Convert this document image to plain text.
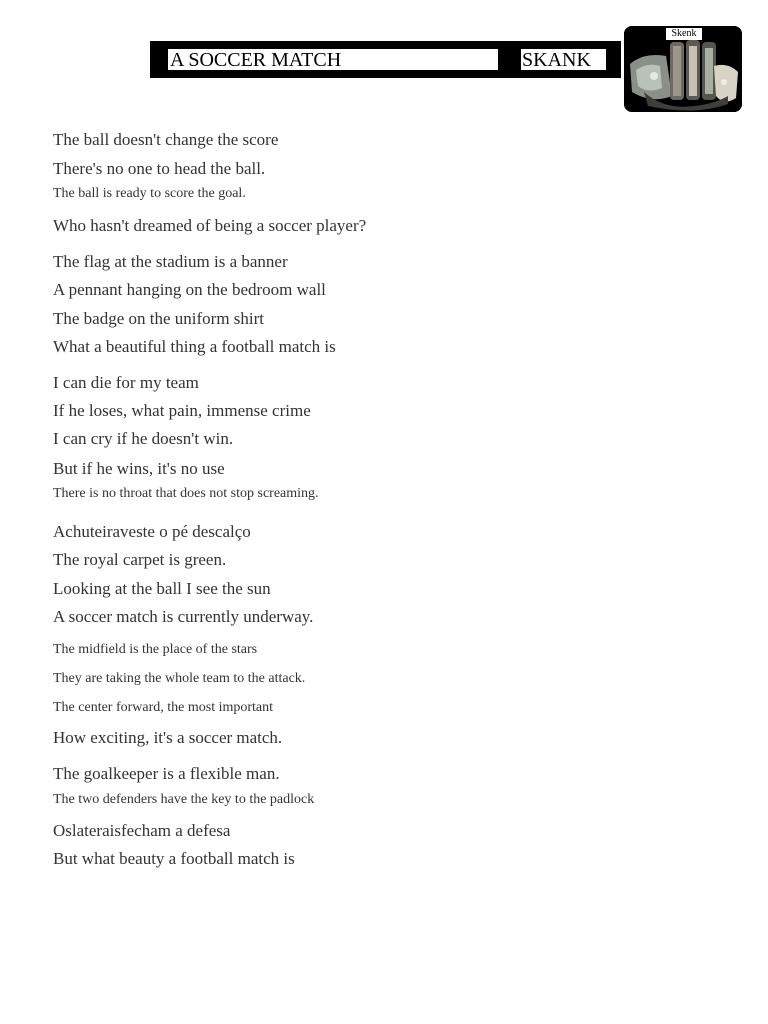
A SOCCER MATCH	SKANK
Skenk
The ball doesn't change the score
There's no one to head the ball.
The ball is ready to score the goal.
Who hasn't dreamed of being a soccer player?
The flag at the stadium is a banner
A pennant hanging on the bedroom wall
The badge on the uniform shirt
What a beautiful thing a football match is
I can die for my team
If he loses, what pain, immense crime
I can cry if he doesn't win.
But if he wins, it's no use
There is no throat that does not stop screaming.
Achuteiraveste o pé descalço
The royal carpet is green.
Looking at the ball I see the sun
A soccer match is currently underway.
The midfield is the place of the stars
They are taking the whole team to the attack.
The center forward, the most important
How exciting, it's a soccer match.
The goalkeeper is a flexible man.
The two defenders have the key to the padlock
Oslateraisfecham a defesa
But what beauty a football match is
